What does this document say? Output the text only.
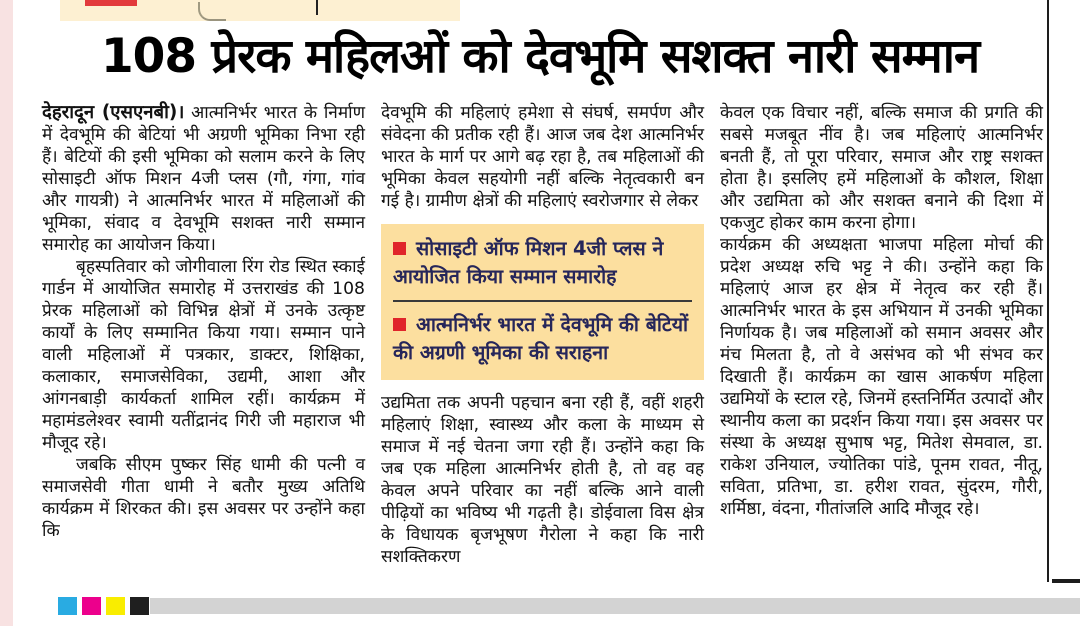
108 प्रेरक महिलओं को देवभूमि सशक्त नारी सम्मान

देहरादून (एसएनबी)। आत्मनिर्भर भारत के निर्माण में देवभूमि की बेटियां भी अग्रणी भूमिका निभा रही हैं। बेटियों की इसी भूमिका को सलाम करने के लिए सोसाइटी ऑफ मिशन 4जी प्लस (गौ, गंगा, गांव और गायत्री) ने आत्मनिर्भर भारत में महिलाओं की भूमिका, संवाद व देवभूमि सशक्त नारी सम्मान समारोह का आयोजन किया।

बृहस्पतिवार को जोगीवाला रिंग रोड स्थित स्काई गार्डन में आयोजित समारोह में उत्तराखंड की 108 प्रेरक महिलाओं को विभिन्न क्षेत्रों में उनके उत्कृष्ट कार्यों के लिए सम्मानित किया गया। सम्मान पाने वाली महिलाओं में पत्रकार, डाक्टर, शिक्षिका, कलाकार, समाजसेविका, उद्यमी, आशा और आंगनबाड़ी कार्यकर्ता शामिल रहीं। कार्यक्रम में महामंडलेश्वर स्वामी यतींद्रानंद गिरी जी महाराज भी मौजूद रहे।

जबकि सीएम पुष्कर सिंह धामी की पत्नी व समाजसेवी गीता धामी ने बतौर मुख्य अतिथि कार्यक्रम में शिरकत की। इस अवसर पर उन्होंने कहा कि

देवभूमि की महिलाएं हमेशा से संघर्ष, समर्पण और संवेदना की प्रतीक रही हैं। आज जब देश आत्मनिर्भर भारत के मार्ग पर आगे बढ़ रहा है, तब महिलाओं की भूमिका केवल सहयोगी नहीं बल्कि नेतृत्वकारी बन गई है। ग्रामीण क्षेत्रों की महिलाएं स्वरोजगार से लेकर

सोसाइटी ऑफ मिशन 4जी प्लस ने आयोजित किया सम्मान समारोह
आत्मनिर्भर भारत में देवभूमि की बेटियों की अग्रणी भूमिका की सराहना

उद्यमिता तक अपनी पहचान बना रही हैं, वहीं शहरी महिलाएं शिक्षा, स्वास्थ्य और कला के माध्यम से समाज में नई चेतना जगा रही हैं। उन्होंने कहा कि जब एक महिला आत्मनिर्भर होती है, तो वह वह केवल अपने परिवार का नहीं बल्कि आने वाली पीढ़ियों का भविष्य भी गढ़ती है। डोईवाला विस क्षेत्र के विधायक बृजभूषण गैरोला ने कहा कि नारी सशक्तिकरण

केवल एक विचार नहीं, बल्कि समाज की प्रगति की सबसे मजबूत नींव है। जब महिलाएं आत्मनिर्भर बनती हैं, तो पूरा परिवार, समाज और राष्ट्र सशक्त होता है। इसलिए हमें महिलाओं के कौशल, शिक्षा और उद्यमिता को और सशक्त बनाने की दिशा में एकजुट होकर काम करना होगा।

कार्यक्रम की अध्यक्षता भाजपा महिला मोर्चा की प्रदेश अध्यक्ष रुचि भट्ट ने की। उन्होंने कहा कि महिलाएं आज हर क्षेत्र में नेतृत्व कर रही हैं। आत्मनिर्भर भारत के इस अभियान में उनकी भूमिका निर्णायक है। जब महिलाओं को समान अवसर और मंच मिलता है, तो वे असंभव को भी संभव कर दिखाती हैं। कार्यक्रम का खास आकर्षण महिला उद्यमियों के स्टाल रहे, जिनमें हस्तनिर्मित उत्पादों और स्थानीय कला का प्रदर्शन किया गया। इस अवसर पर संस्था के अध्यक्ष सुभाष भट्ट, मितेश सेमवाल, डा. राकेश उनियाल, ज्योतिका पांडे, पूनम रावत, नीतू, सविता, प्रतिभा, डा. हरीश रावत, सुंदरम, गौरी, शर्मिष्ठा, वंदना, गीतांजलि आदि मौजूद रहे।
